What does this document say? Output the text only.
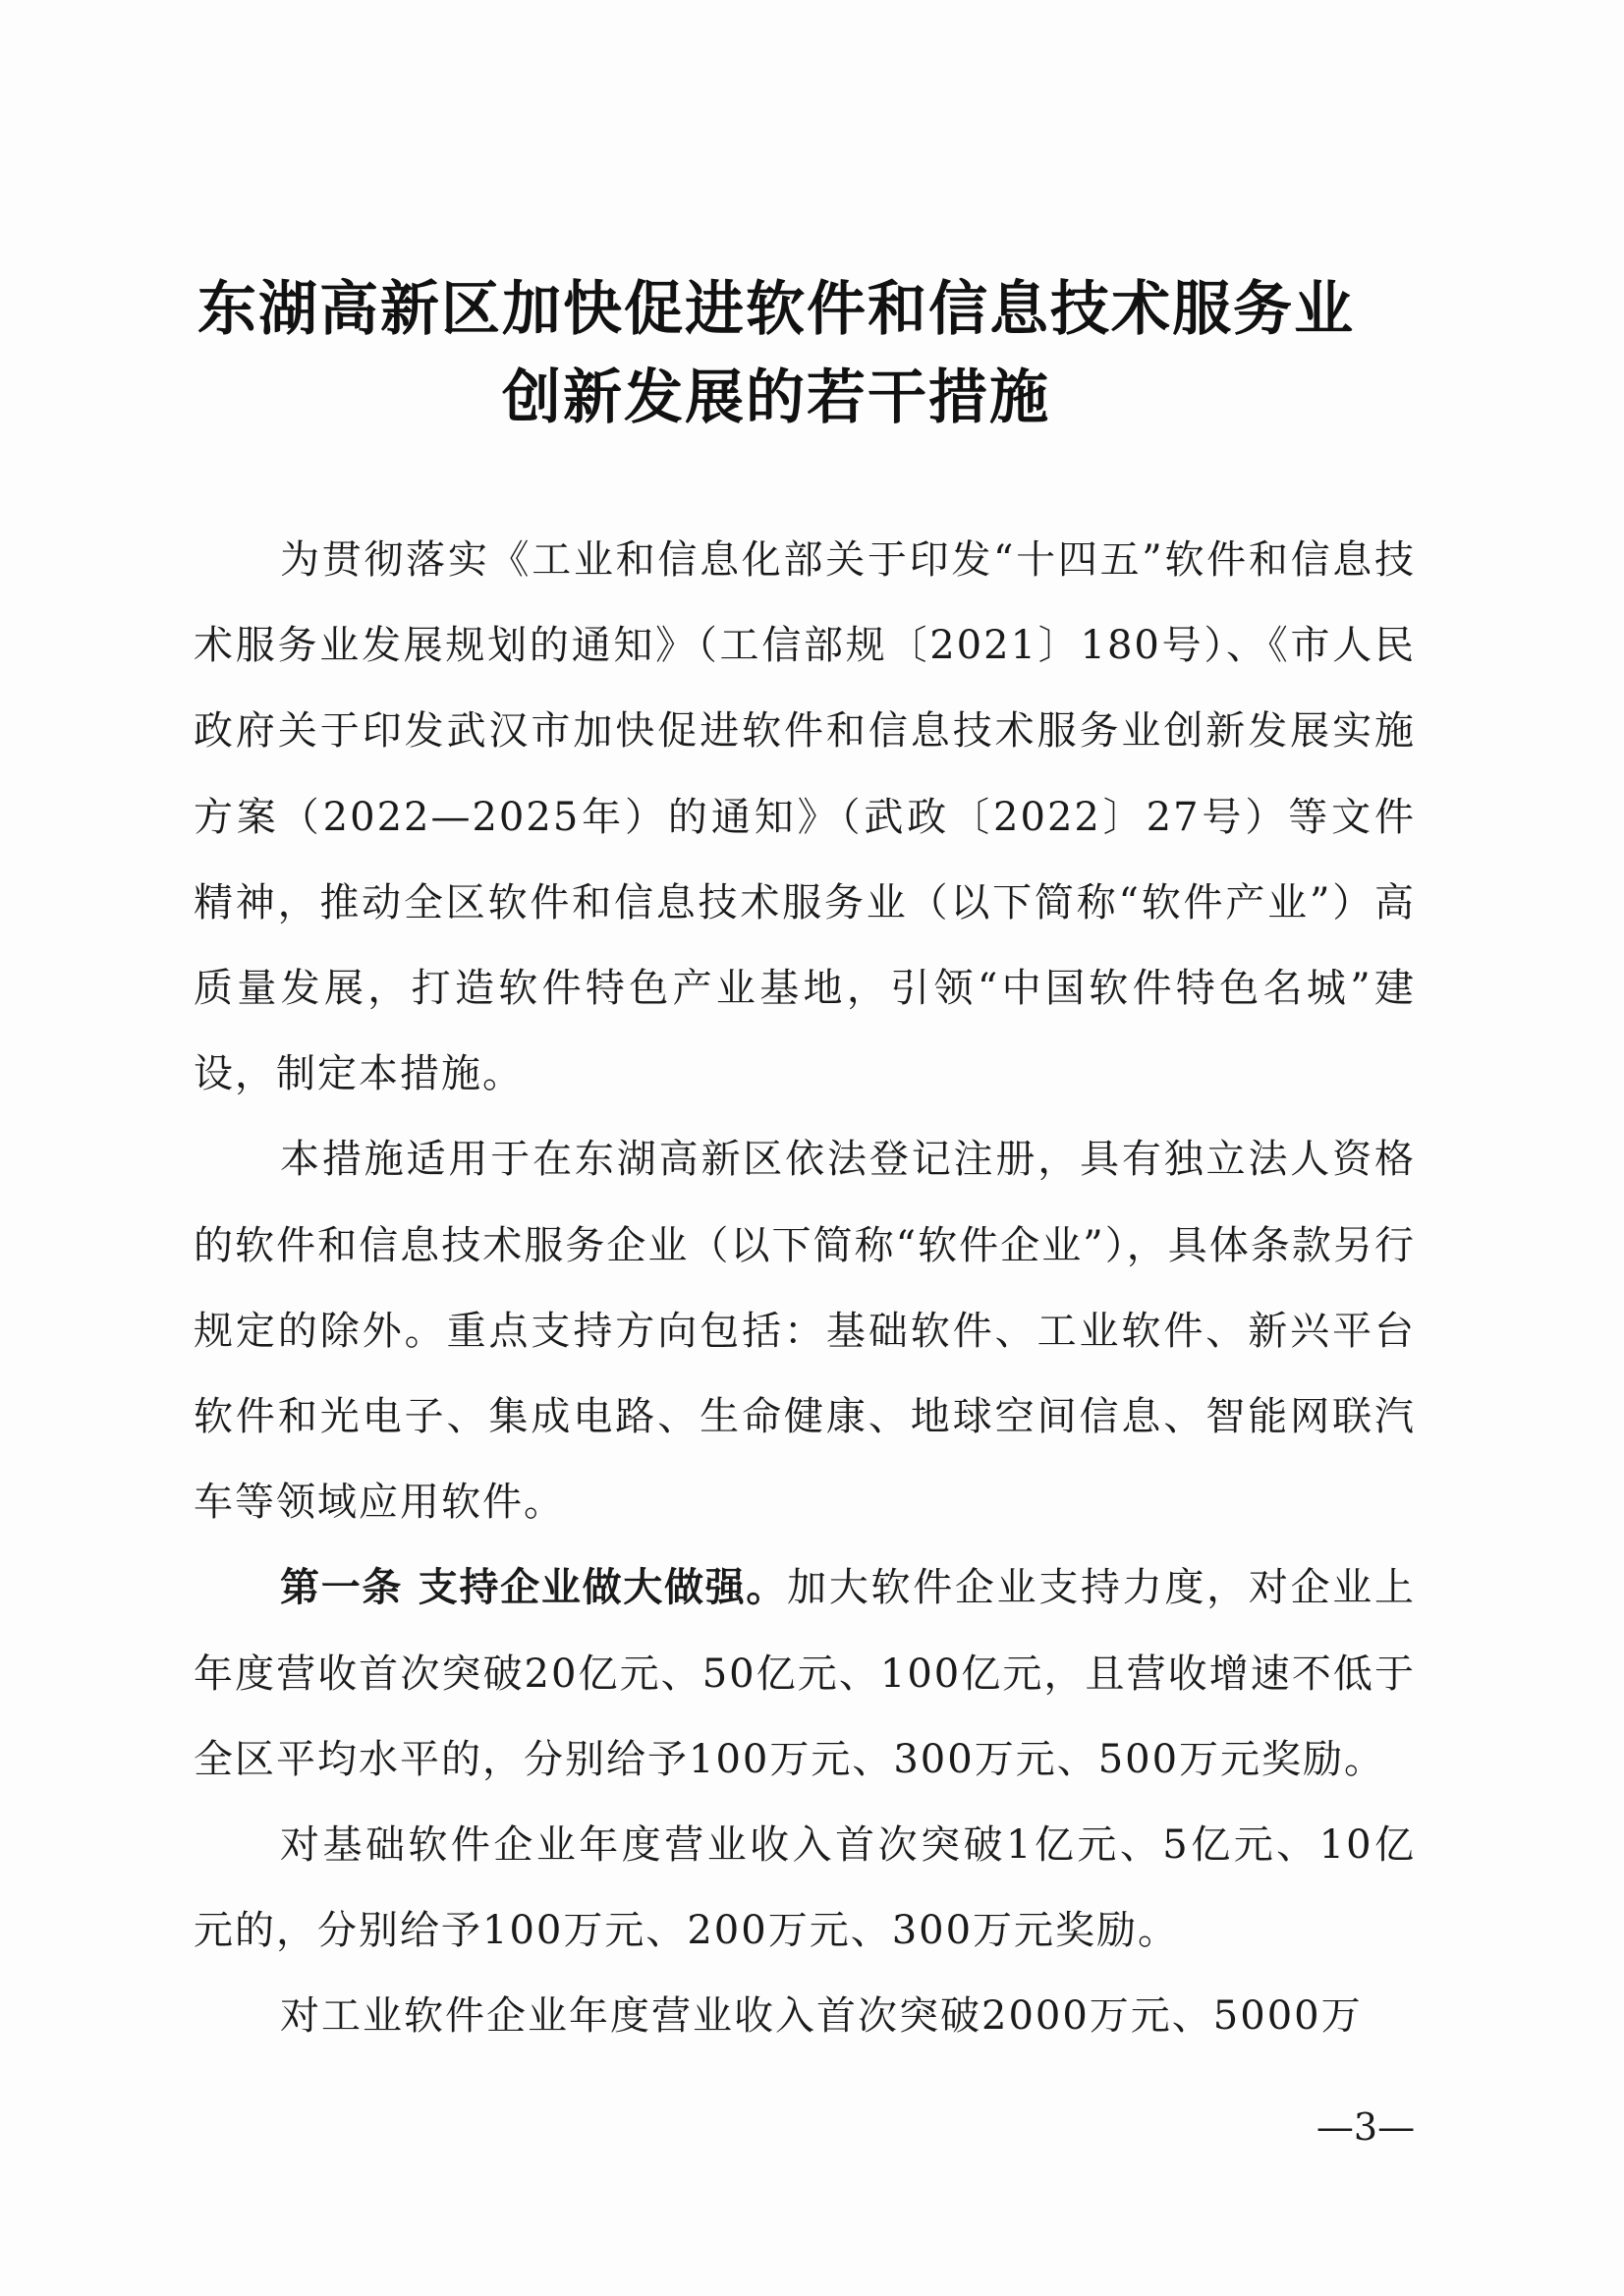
东湖高新区加快促进软件和信息技术服务业
创新发展的若干措施

为贯彻落实《工业和信息化部关于印发“十四五”软件和信息技术服务业发展规划的通知》（工信部规〔2021〕180号）、《市人民政府关于印发武汉市加快促进软件和信息技术服务业创新发展实施方案（2022—2025年）的通知》（武政〔2022〕27号）等文件精神，推动全区软件和信息技术服务业（以下简称“软件产业”）高质量发展，打造软件特色产业基地，引领“中国软件特色名城”建设，制定本措施。

本措施适用于在东湖高新区依法登记注册，具有独立法人资格的软件和信息技术服务企业（以下简称“软件企业”），具体条款另行规定的除外。重点支持方向包括：基础软件、工业软件、新兴平台软件和光电子、集成电路、生命健康、地球空间信息、智能网联汽车等领域应用软件。

第一条 支持企业做大做强。加大软件企业支持力度，对企业上年度营收首次突破20亿元、50亿元、100亿元，且营收增速不低于全区平均水平的，分别给予100万元、300万元、500万元奖励。

对基础软件企业年度营业收入首次突破1亿元、5亿元、10亿元的，分别给予100万元、200万元、300万元奖励。

对工业软件企业年度营业收入首次突破2000万元、5000万

—3—
